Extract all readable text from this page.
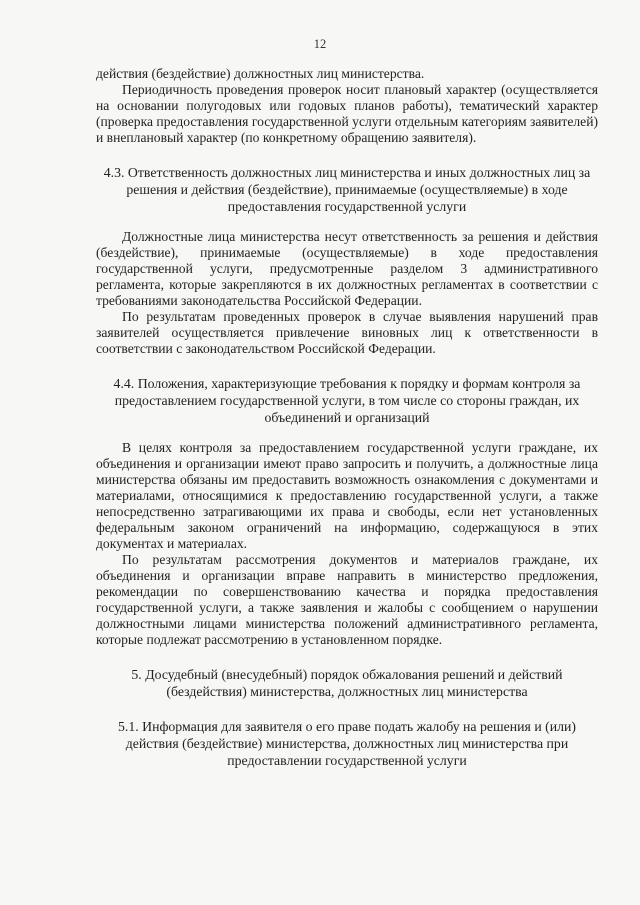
12

действия (бездействие) должностных лиц министерства.

Периодичность проведения проверок носит плановый характер (осуществляется на основании полугодовых или годовых планов работы), тематический характер (проверка предоставления государственной услуги отдельным категориям заявителей) и внеплановый характер (по конкретному обращению заявителя).

4.3. Ответственность должностных лиц министерства и иных должностных лиц за решения и действия (бездействие), принимаемые (осуществляемые) в ходе предоставления государственной услуги

Должностные лица министерства несут ответственность за решения и действия (бездействие), принимаемые (осуществляемые) в ходе предоставления государственной услуги, предусмотренные разделом 3 административного регламента, которые закрепляются в их должностных регламентах в соответствии с требованиями законодательства Российской Федерации.

По результатам проведенных проверок в случае выявления нарушений прав заявителей осуществляется привлечение виновных лиц к ответственности в соответствии с законодательством Российской Федерации.

4.4. Положения, характеризующие требования к порядку и формам контроля за предоставлением государственной услуги, в том числе со стороны граждан, их объединений и организаций

В целях контроля за предоставлением государственной услуги граждане, их объединения и организации имеют право запросить и получить, а должностные лица министерства обязаны им предоставить возможность ознакомления с документами и материалами, относящимися к предоставлению государственной услуги, а также непосредственно затрагивающими их права и свободы, если нет установленных федеральным законом ограничений на информацию, содержащуюся в этих документах и материалах.

По результатам рассмотрения документов и материалов граждане, их объединения и организации вправе направить в министерство предложения, рекомендации по совершенствованию качества и порядка предоставления государственной услуги, а также заявления и жалобы с сообщением о нарушении должностными лицами министерства положений административного регламента, которые подлежат рассмотрению в установленном порядке.

5. Досудебный (внесудебный) порядок обжалования решений и действий (бездействия) министерства, должностных лиц министерства
5.1. Информация для заявителя о его праве подать жалобу на решения и (или) действия (бездействие) министерства, должностных лиц министерства при предоставлении государственной услуги
